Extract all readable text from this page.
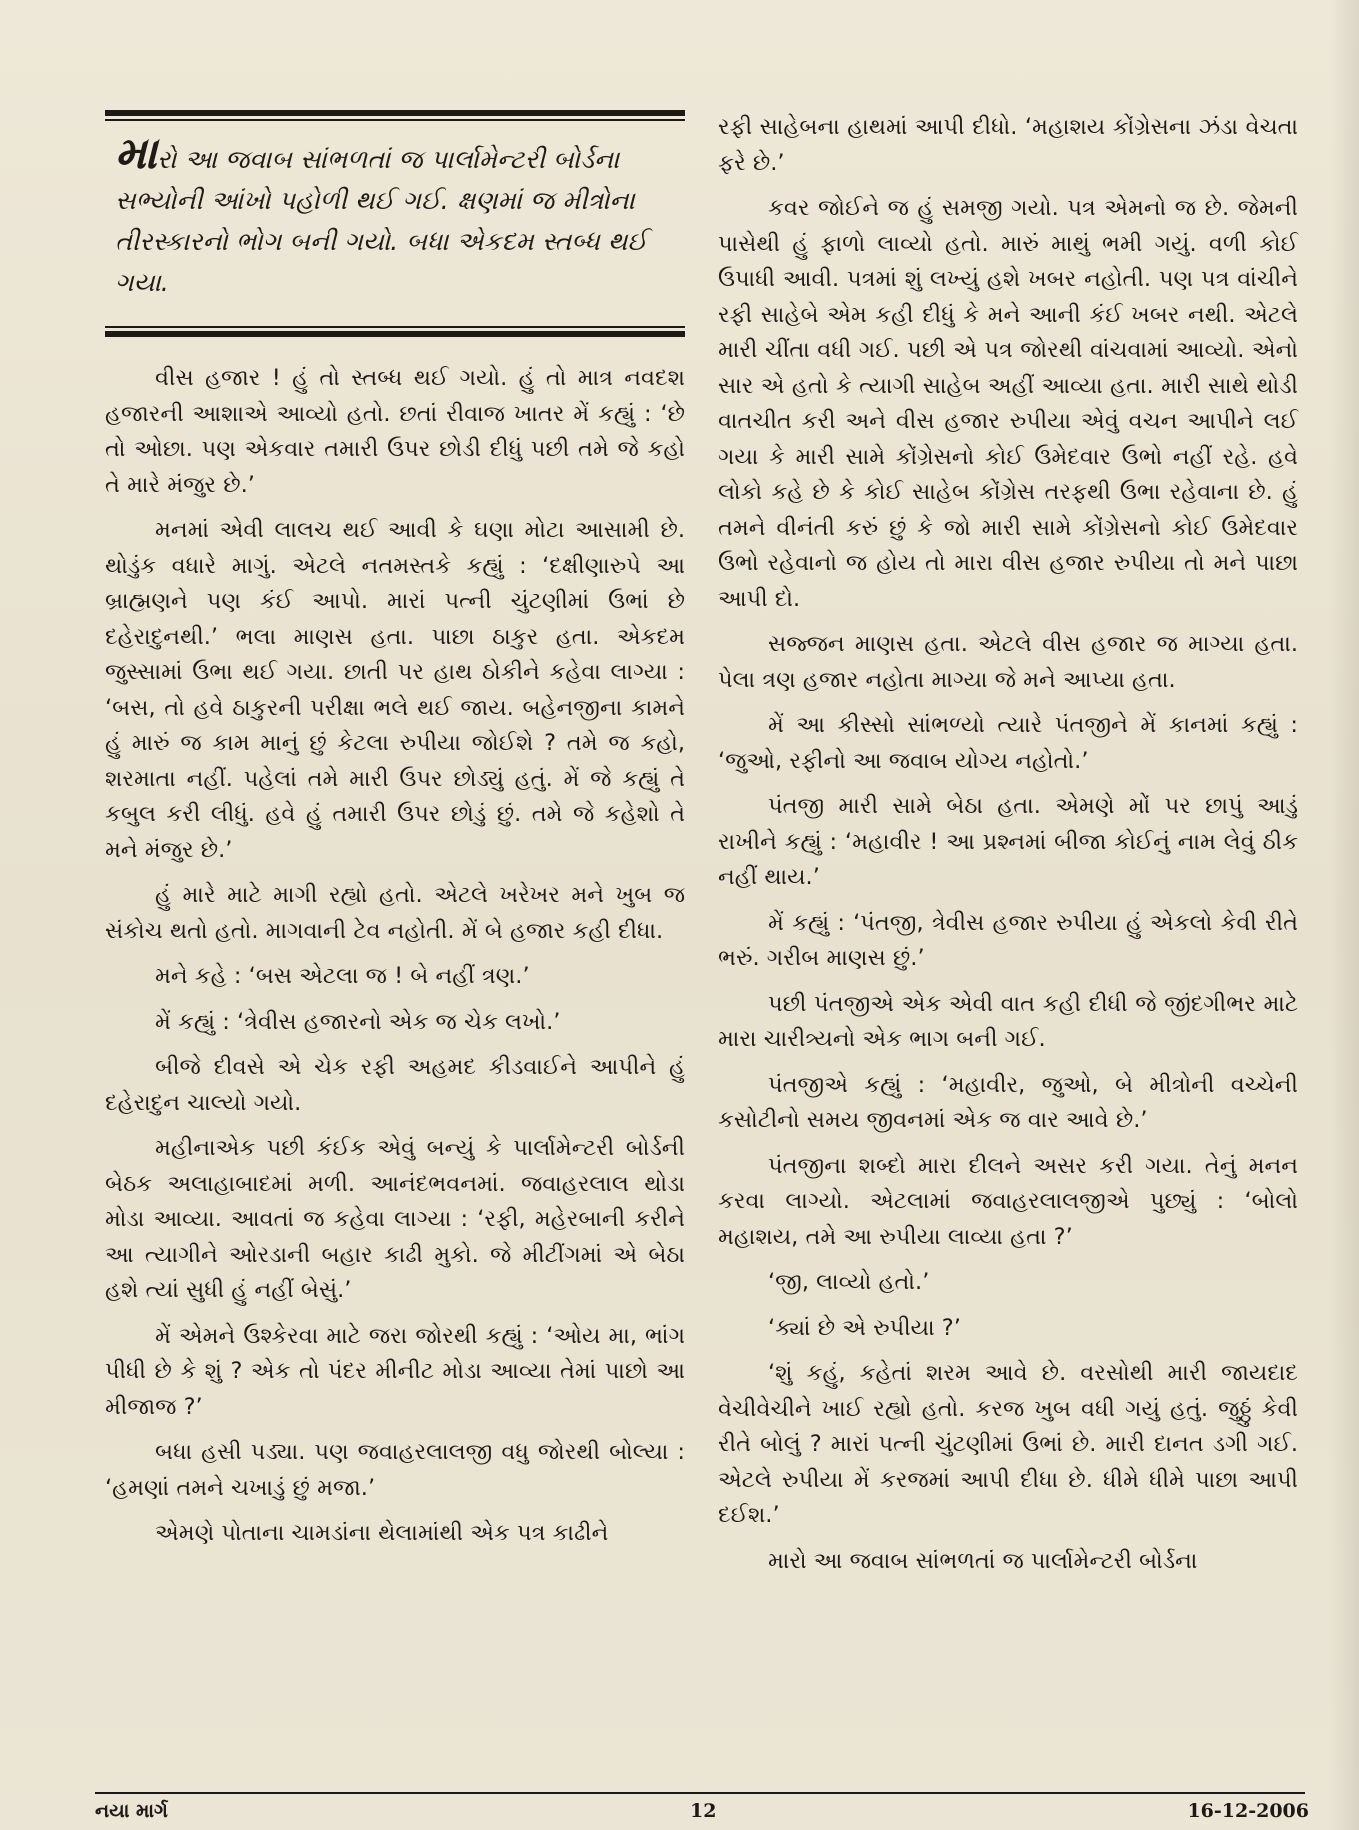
મારો આ જવાબ સાંભળતાં જ પાર્લામેન્ટરી બોર્ડના સભ્યોની આંખો પહોળી થઈ ગઈ. ક્ષણમાં જ મીત્રોના તીરસ્કારનો ભોગ બની ગયો. બધા એકદમ સ્તબ્ધ થઈ ગયા.

વીસ હજાર ! હું તો સ્તબ્ધ થઈ ગયો. હું તો માત્ર નવદશ હજારની આશાએ આવ્યો હતો. છતાં રીવાજ ખાતર મેં કહ્યું : ‘છે તો ઓછા. પણ એકવાર તમારી ઉપર છોડી દીધું પછી તમે જે કહો તે મારે મંજુર છે.’

મનમાં એવી લાલચ થઈ આવી કે ઘણા મોટા આસામી છે. થોડુંક વધારે માગું. એટલે નતમસ્તકે કહ્યું : ‘દક્ષીણારુપે આ બ્રાહ્મણને પણ કંઈ આપો. મારાં પત્ની ચુંટણીમાં ઉભાં છે દહેરાદુનથી.’ ભલા માણસ હતા. પાછા ઠાકુર હતા. એકદમ જુસ્સામાં ઉભા થઈ ગયા. છાતી પર હાથ ઠોકીને કહેવા લાગ્યા : ‘બસ, તો હવે ઠાકુરની પરીક્ષા ભલે થઈ જાય. બહેનજીના કામને હું મારું જ કામ માનું છું કેટલા રુપીયા જોઈશે ? તમે જ કહો, શરમાતા નહીં. પહેલાં તમે મારી ઉપર છોડ્યું હતું. મેં જે કહ્યું તે કબુલ કરી લીધું. હવે હું તમારી ઉપર છોડું છું. તમે જે કહેશો તે મને મંજુર છે.’

હું મારે માટે માગી રહ્યો હતો. એટલે ખરેખર મને ખુબ જ સંકોચ થતો હતો. માગવાની ટેવ નહોતી. મેં બે હજાર કહી દીધા.

મને કહે : ‘બસ એટલા જ ! બે નહીં ત્રણ.’

મેં કહ્યું : ‘ત્રેવીસ હજારનો એક જ ચેક લખો.’

બીજે દીવસે એ ચેક રફી અહમદ કીડવાઈને આપીને હું દહેરાદુન ચાલ્યો ગયો.

મહીનાએક પછી કંઈક એવું બન્યું કે પાર્લામેન્ટરી બોર્ડની બેઠક અલાહાબાદમાં મળી. આનંદભવનમાં. જવાહરલાલ થોડા મોડા આવ્યા. આવતાં જ કહેવા લાગ્યા : ‘રફી, મહેરબાની કરીને આ ત્યાગીને ઓરડાની બહાર કાઢી મુકો. જે મીટીંગમાં એ બેઠા હશે ત્યાં સુધી હું નહીં બેસું.’

મેં એમને ઉશ્કેરવા માટે જરા જોરથી કહ્યું : ‘ઓય મા, ભાંગ પીધી છે કે શું ? એક તો પંદર મીનીટ મોડા આવ્યા તેમાં પાછો આ મીજાજ ?’

બધા હસી પડ્યા. પણ જવાહરલાલજી વધુ જોરથી બોલ્યા : ‘હમણાં તમને ચખાડું છું મજા.’

એમણે પોતાના ચામડાંના થેલામાંથી એક પત્ર કાઢીને

રફી સાહેબના હાથમાં આપી દીધો. ‘મહાશય કોંગ્રેસના ઝંડા વેચતા ફરે છે.’

કવર જોઈને જ હું સમજી ગયો. પત્ર એમનો જ છે. જેમની પાસેથી હું ફાળો લાવ્યો હતો. મારું માથું ભમી ગયું. વળી કોઈ ઉપાધી આવી. પત્રમાં શું લખ્યું હશે ખબર નહોતી. પણ પત્ર વાંચીને રફી સાહેબે એમ કહી દીધું કે મને આની કંઈ ખબર નથી. એટલે મારી ચીંતા વધી ગઈ. પછી એ પત્ર જોરથી વાંચવામાં આવ્યો. એનો સાર એ હતો કે ત્યાગી સાહેબ અહીં આવ્યા હતા. મારી સાથે થોડી વાતચીત કરી અને વીસ હજાર રુપીયા એવું વચન આપીને લઈ ગયા કે મારી સામે કોંગ્રેસનો કોઈ ઉમેદવાર ઉભો નહીં રહે. હવે લોકો કહે છે કે કોઈ સાહેબ કોંગ્રેસ તરફથી ઉભા રહેવાના છે. હું તમને વીનંતી કરું છું કે જો મારી સામે કોંગ્રેસનો કોઈ ઉમેદવાર ઉભો રહેવાનો જ હોય તો મારા વીસ હજાર રુપીયા તો મને પાછા આપી દો.

સજ્જન માણસ હતા. એટલે વીસ હજાર જ માગ્યા હતા. પેલા ત્રણ હજાર નહોતા માગ્યા જે મને આપ્યા હતા.

મેં આ કીસ્સો સાંભળ્યો ત્યારે પંતજીને મેં કાનમાં કહ્યું : ‘જુઓ, રફીનો આ જવાબ યોગ્ય નહોતો.’

પંતજી મારી સામે બેઠા હતા. એમણે મોં પર છાપું આડું રાખીને કહ્યું : ‘મહાવીર ! આ પ્રશ્નમાં બીજા કોઈનું નામ લેવું ઠીક નહીં થાય.’

મેં કહ્યું : ‘પંતજી, ત્રેવીસ હજાર રુપીયા હું એકલો કેવી રીતે ભરું. ગરીબ માણસ છું.’

પછી પંતજીએ એક એવી વાત કહી દીધી જે જીંદગીભર માટે મારા ચારીત્ર્યનો એક ભાગ બની ગઈ.

પંતજીએ કહ્યું : ‘મહાવીર, જુઓ, બે મીત્રોની વચ્ચેની કસોટીનો સમય જીવનમાં એક જ વાર આવે છે.’

પંતજીના શબ્દો મારા દીલને અસર કરી ગયા. તેનું મનન કરવા લાગ્યો. એટલામાં જવાહરલાલજીએ પુછ્યું : ‘બોલો મહાશય, તમે આ રુપીયા લાવ્યા હતા ?’

‘જી, લાવ્યો હતો.’

‘ક્યાં છે એ રુપીયા ?’

‘શું કહું, કહેતાં શરમ આવે છે. વરસોથી મારી જાયદાદ વેચીવેચીને ખાઈ રહ્યો હતો. કરજ ખુબ વધી ગયું હતું. જુઠ્ઠું કેવી રીતે બોલું ? મારાં પત્ની ચુંટણીમાં ઉભાં છે. મારી દાનત ડગી ગઈ. એટલે રુપીયા મેં કરજમાં આપી દીધા છે. ધીમે ધીમે પાછા આપી દઈશ.’

મારો આ જવાબ સાંભળતાં જ પાર્લામેન્ટરી બોર્ડના

નયા માર્ગ	12	16-12-2006
